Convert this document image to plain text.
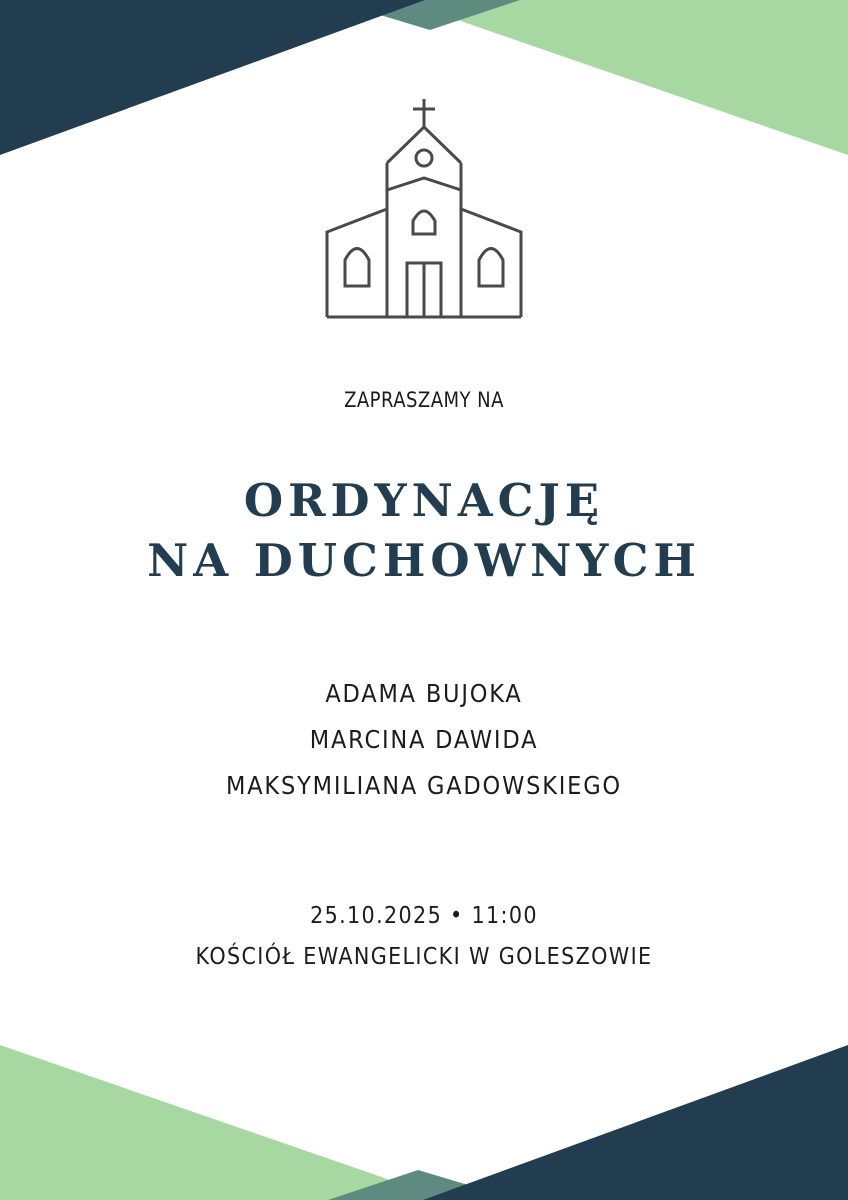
ZAPRASZAMY NA
ORDYNACJĘ
NA DUCHOWNYCH
ADAMA BUJOKA
MARCINA DAWIDA
MAKSYMILIANA GADOWSKIEGO
25.10.2025 • 11:00
KOŚCIÓŁ EWANGELICKI W GOLESZOWIE
